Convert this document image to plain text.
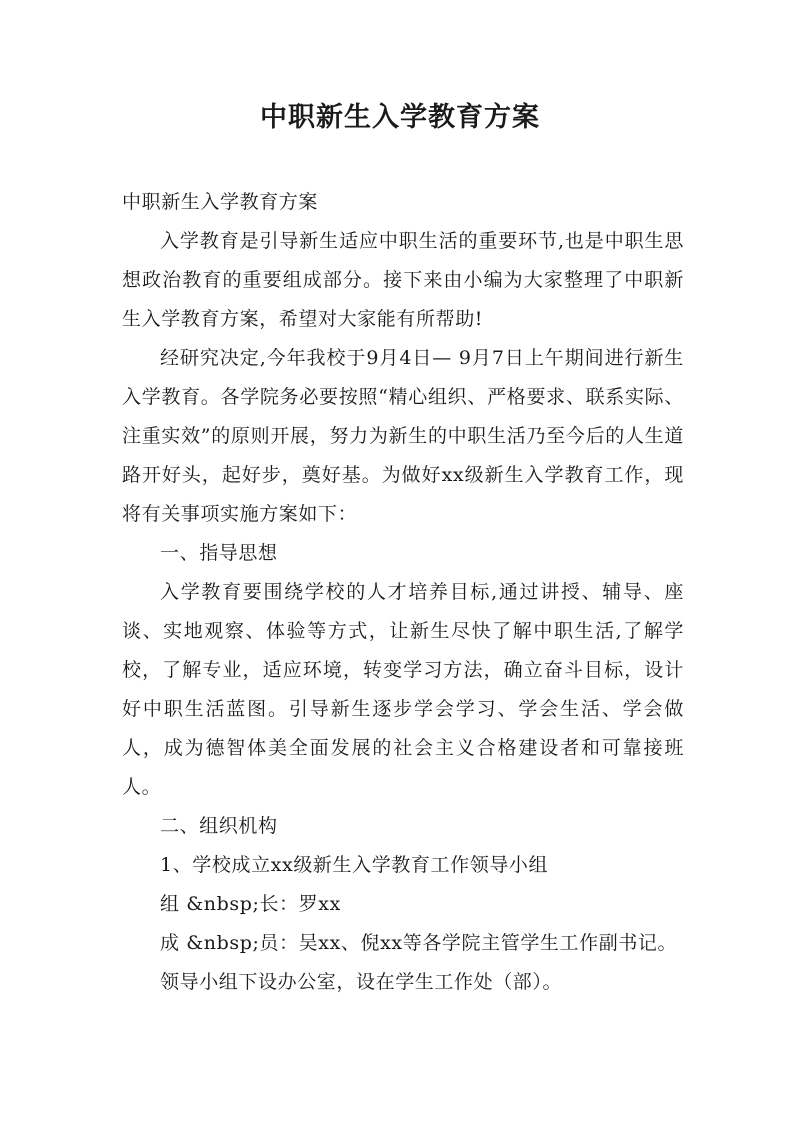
中职新生入学教育方案

中职新生入学教育方案

入学教育是引导新生适应中职生活的重要环节,也是中职生思想政治教育的重要组成部分。接下来由小编为大家整理了中职新生入学教育方案，希望对大家能有所帮助!

经研究决定,今年我校于9月4日— 9月7日上午期间进行新生入学教育。各学院务必要按照“精心组织、严格要求、联系实际、注重实效”的原则开展，努力为新生的中职生活乃至今后的人生道路开好头，起好步，奠好基。为做好xx级新生入学教育工作，现将有关事项实施方案如下：

一、指导思想

入学教育要围绕学校的人才培养目标,通过讲授、辅导、座谈、实地观察、体验等方式，让新生尽快了解中职生活,了解学校，了解专业，适应环境，转变学习方法，确立奋斗目标，设计好中职生活蓝图。引导新生逐步学会学习、学会生活、学会做人，成为德智体美全面发展的社会主义合格建设者和可靠接班人。

二、组织机构

1、学校成立xx级新生入学教育工作领导小组

组 &nbsp;长：罗xx

成 &nbsp;员：吴xx、倪xx等各学院主管学生工作副书记。

领导小组下设办公室，设在学生工作处（部）。
